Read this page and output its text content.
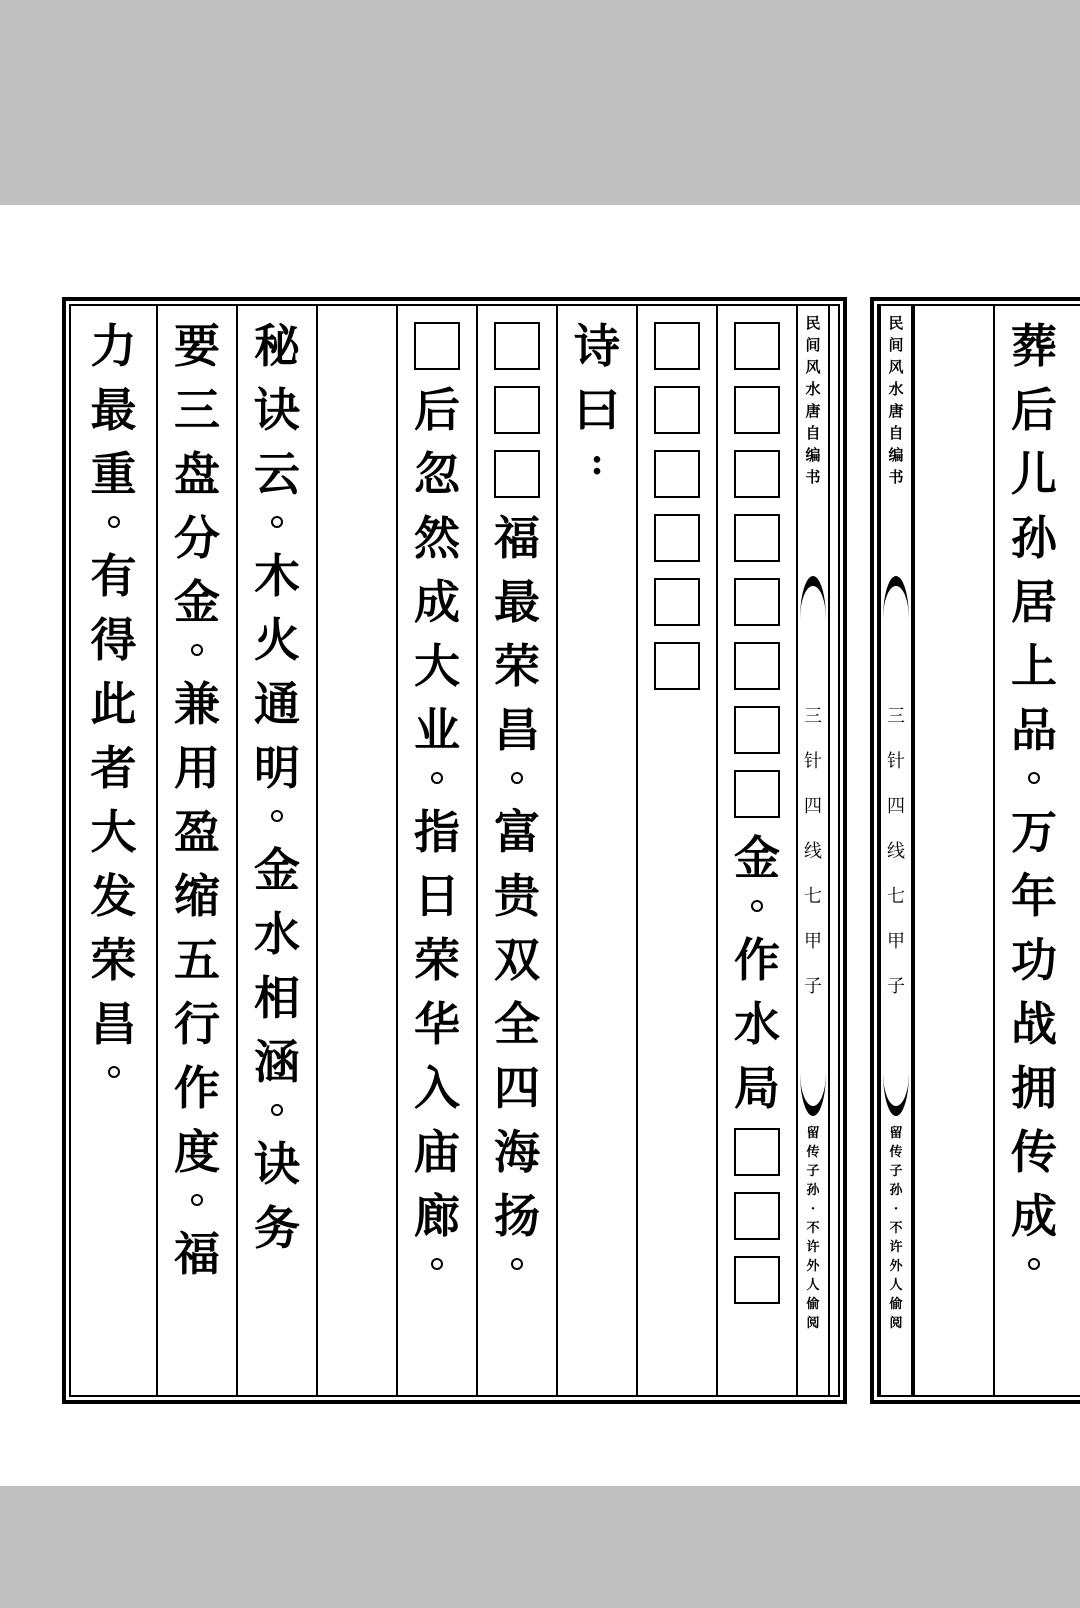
民
间
风
水
唐
自
编
书
三
针
四
线
七
甲
子
留
传
子
孙
·
不
许
外
人
偷
阅
金
作
水
局
诗
曰
:
福
最
荣
昌
富
贵
双
全
四
海
扬
后
忽
然
成
大
业
指
日
荣
华
入
庙
廊
秘
诀
云
木
火
通
明
金
水
相
涵
诀
务
要
三
盘
分
金
兼
用
盈
缩
五
行
作
度
福
力
最
重
有
得
此
者
大
发
荣
昌
民
间
风
水
唐
自
编
书
三
针
四
线
七
甲
子
留
传
子
孙
·
不
许
外
人
偷
阅
葬
后
儿
孙
居
上
品
万
年
功
战
拥
传
成
